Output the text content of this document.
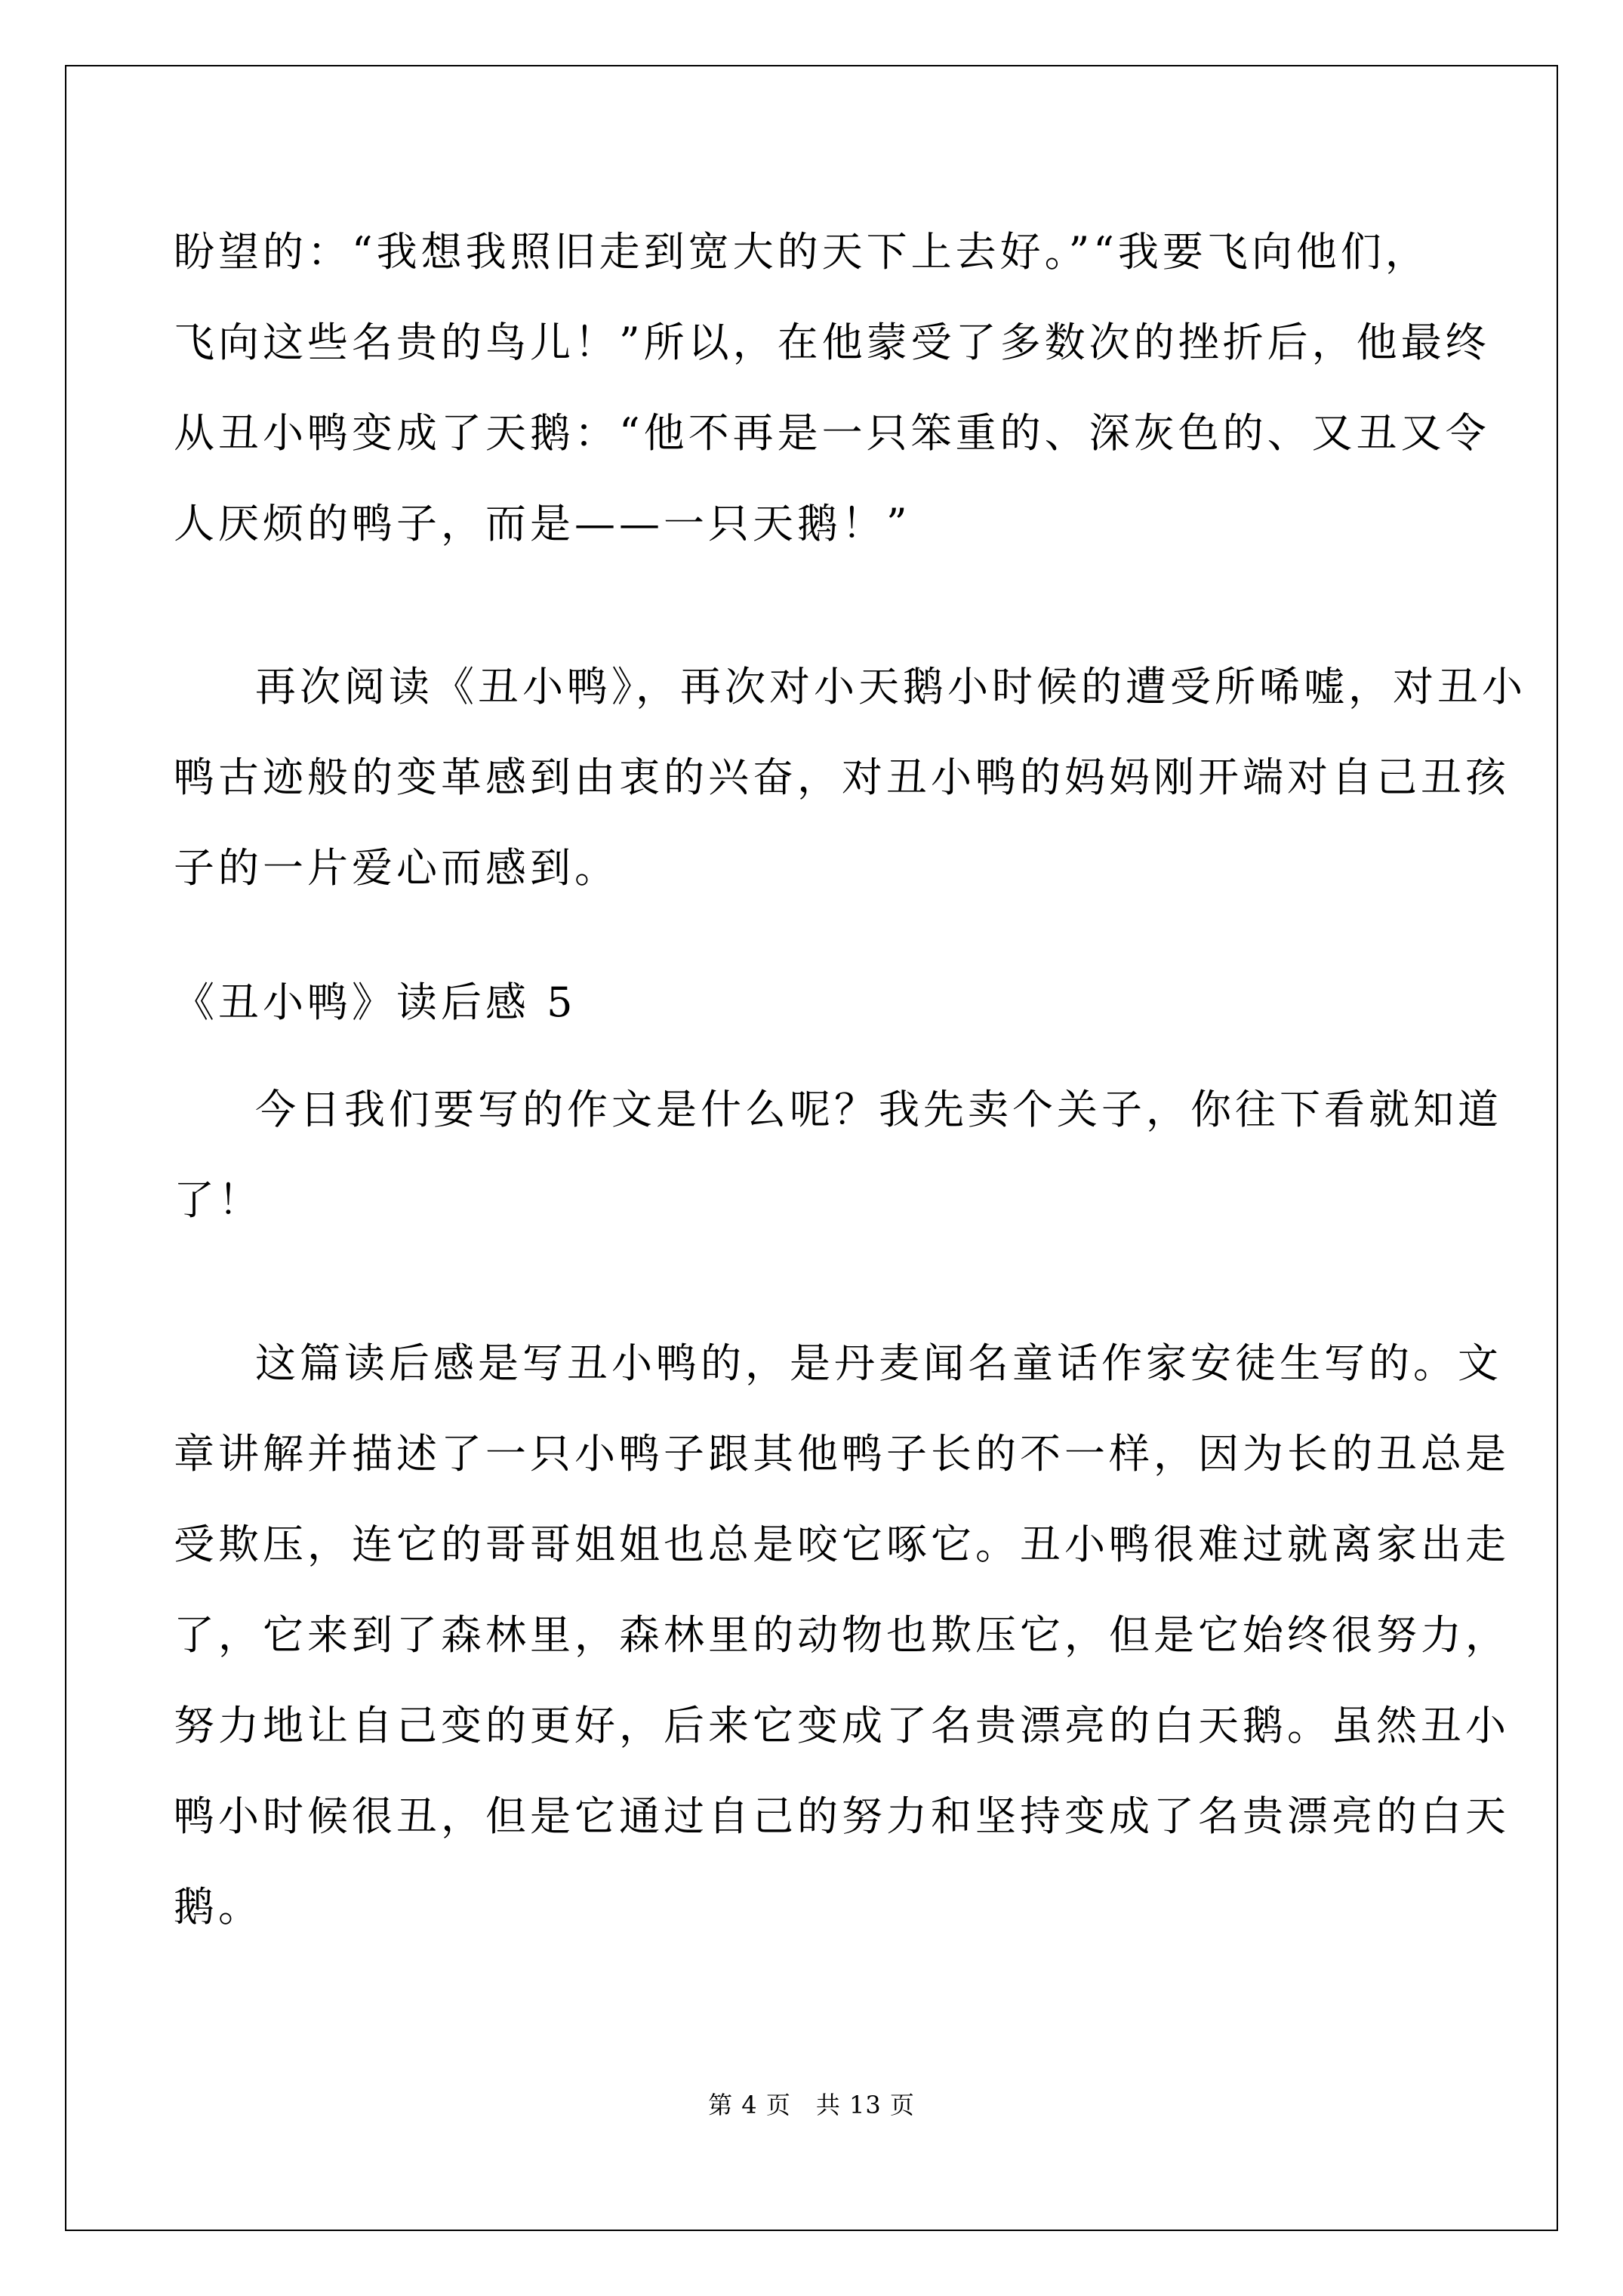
盼望的：“我想我照旧走到宽大的天下上去好。”“我要飞向他们，
飞向这些名贵的鸟儿！”所以，在他蒙受了多数次的挫折后，他最终
从丑小鸭变成了天鹅：“他不再是一只笨重的、深灰色的、又丑又令
人厌烦的鸭子，而是——一只天鹅！”
再次阅读《丑小鸭》，再次对小天鹅小时候的遭受所唏嘘，对丑小
鸭古迹般的变革感到由衷的兴奋，对丑小鸭的妈妈刚开端对自己丑孩
子的一片爱心而感到。
《丑小鸭》读后感 5
今日我们要写的作文是什么呢？我先卖个关子，你往下看就知道
了！
这篇读后感是写丑小鸭的，是丹麦闻名童话作家安徒生写的。文
章讲解并描述了一只小鸭子跟其他鸭子长的不一样，因为长的丑总是
受欺压，连它的哥哥姐姐也总是咬它啄它。丑小鸭很难过就离家出走
了，它来到了森林里，森林里的动物也欺压它，但是它始终很努力，
努力地让自己变的更好，后来它变成了名贵漂亮的白天鹅。虽然丑小
鸭小时候很丑，但是它通过自己的努力和坚持变成了名贵漂亮的白天
鹅。
第 4 页　共 13 页
